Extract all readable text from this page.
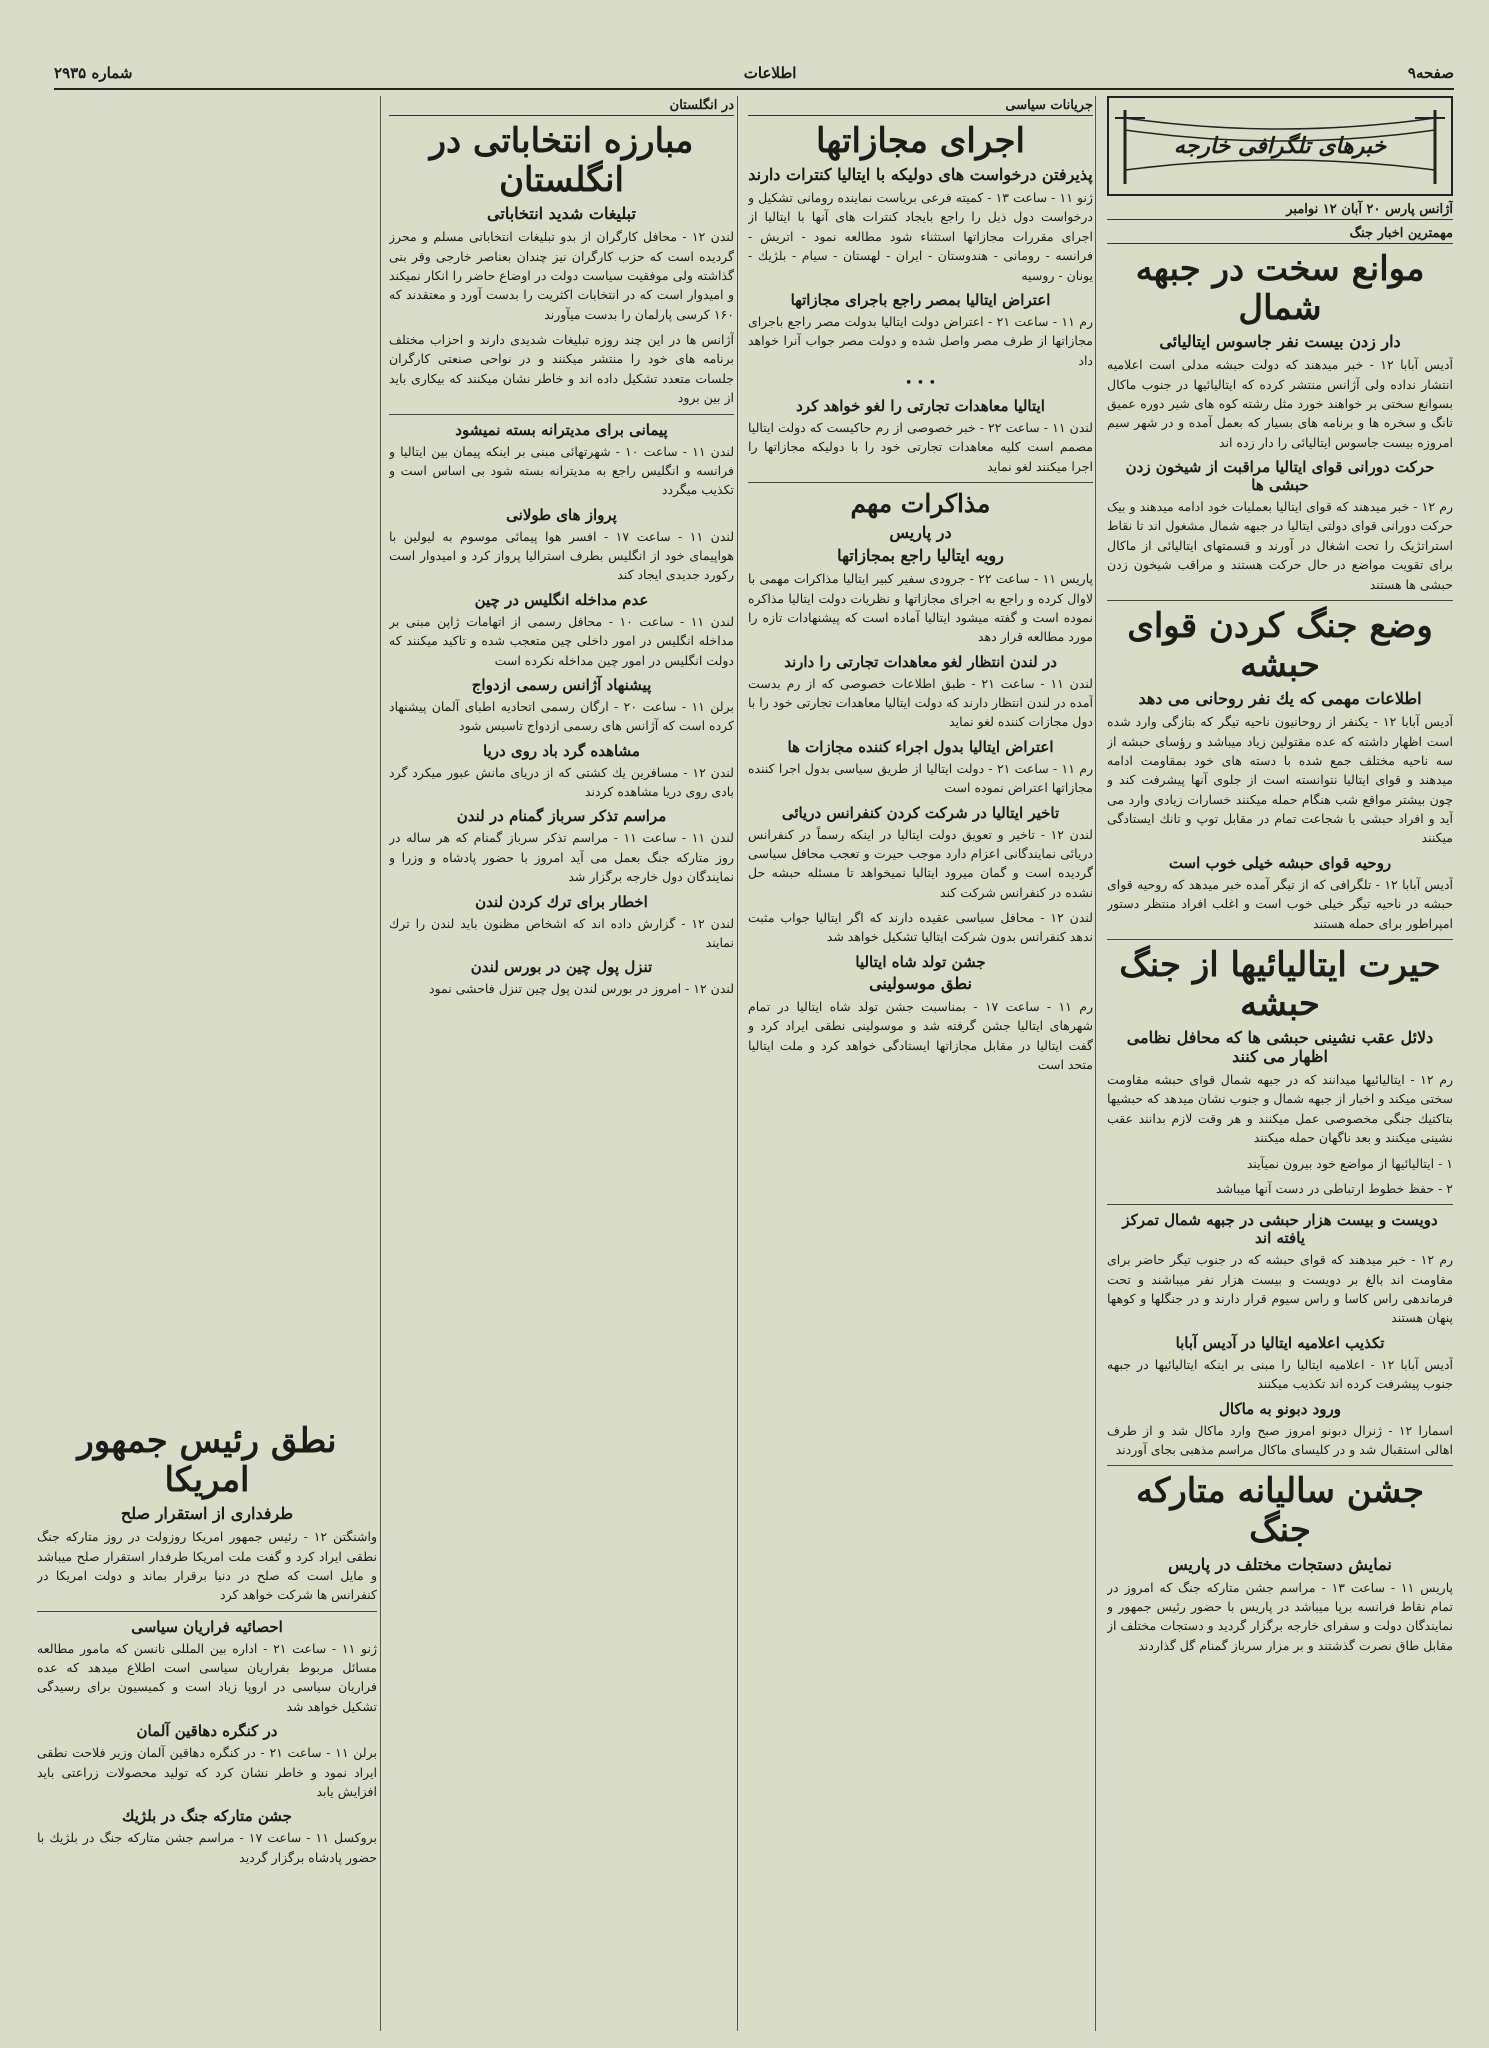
صفحه۹
اطلاعات
شماره ۲۹۳۵
خبرهای تلگرافی خارجه
آژانس پارس ۲۰ آبان ۱۲ نوامبر
مهمترین اخبار جنگ
موانع سخت در جبهه شمال
دار زدن بیست نفر جاسوس ایتالیائی

آدیس آبابا ۱۲ - خبر میدهند که دولت حبشه مدلی است اعلامیه انتشار نداده ولی آژانس منتشر کرده که ایتالیائیها در جنوب ماکال بسوانع سختی بر خواهند خورد مثل رشته کوه های شیر دوره عمیق تانگ و سخره ها و برنامه های بسیار که بعمل آمده و در شهر سیم امروزه بیست جاسوس ایتالیائی را دار زده اند

حرکت دورانی قوای ایتالیا مراقبت از شیخون زدن حبشی ها

رم ۱۲ - خبر میدهند که قوای ایتالیا بعملیات خود ادامه میدهند و بیک حرکت دورانی قوای دولتی ایتالیا در جبهه شمال مشغول اند تا نقاط استراتژیک را تحت اشغال در آورند و قسمتهای ایتالیائی از ماکال برای تقویت مواضع در حال حرکت هستند و مراقب شیخون زدن حبشی ها هستند

وضع جنگ کردن قوای حبشه
اطلاعات مهمی که یك نفر روحانی می دهد

آدیس آبابا ۱۲ - یکنفر از روحانیون ناحیه تیگر که بتازگی وارد شده است اظهار داشته که عده مقتولین زیاد میباشد و رؤسای حبشه از سه ناحیه مختلف جمع شده با دسته های خود بمقاومت ادامه میدهند و قوای ایتالیا نتوانسته است از جلوی آنها پیشرفت کند و چون بیشتر مواقع شب هنگام حمله میکنند خسارات زیادی وارد می آید و افراد حبشی با شجاعت تمام در مقابل توپ و تانك ایستادگی میکنند

روحیه قوای حبشه خیلی خوب است

آدیس آبابا ۱۲ - تلگرافی که از تیگر آمده خبر میدهد که روحیه قوای حبشه در ناحیه تیگر خیلی خوب است و اغلب افراد منتظر دستور امپراطور برای حمله هستند

حیرت ایتالیائیها از جنگ حبشه
دلائل عقب نشینی حبشی ها که محافل نظامی اظهار می کنند

رم ۱۲ - ایتالیائیها میدانند که در جبهه شمال قوای حبشه مقاومت سختی میکند و اخبار از جبهه شمال و جنوب نشان میدهد که حبشیها بتاکتیك جنگی مخصوصی عمل میکنند و هر وقت لازم بدانند عقب نشینی میکنند و بعد ناگهان حمله میکنند

۱ - ایتالیائیها از مواضع خود بیرون نمیآیند

۲ - حفظ خطوط ارتباطی در دست آنها میباشد

دویست و بیست هزار حبشی در جبهه شمال تمرکز یافته اند

رم ۱۲ - خبر میدهند که قوای حبشه که در جنوب تیگر حاضر برای مقاومت اند بالغ بر دویست و بیست هزار نفر میباشند و تحت فرماندهی راس کاسا و راس سیوم قرار دارند و در جنگلها و کوهها پنهان هستند

تکذیب اعلامیه ایتالیا در آدیس آبابا

آدیس آبابا ۱۲ - اعلامیه ایتالیا را مبنی بر اینکه ایتالیائیها در جبهه جنوب پیشرفت کرده اند تکذیب میکنند

ورود دبونو به ماکال

اسمارا ۱۲ - ژنرال دبونو امروز صبح وارد ماکال شد و از طرف اهالی استقبال شد و در کلیسای ماکال مراسم مذهبی بجای آوردند

جشن سالیانه متارکه جنگ
نمایش دستجات مختلف در پاریس

پاریس ۱۱ - ساعت ۱۳ - مراسم جشن متارکه جنگ که امروز در تمام نقاط فرانسه برپا میباشد در پاریس با حضور رئیس جمهور و نمایندگان دولت و سفرای خارجه برگزار گردید و دستجات مختلف از مقابل طاق نصرت گذشتند و بر مزار سرباز گمنام گل گذاردند

جریانات سیاسی
اجرای مجازاتها
پذیرفتن درخواست های دولیکه با ایتالیا کنترات دارند

ژنو ۱۱ - ساعت ۱۳ - کمیته فرعی بریاست نماینده رومانی تشکیل و درخواست دول ذیل را راجع بایجاد کنترات های آنها با ایتالیا از اجرای مقررات مجازاتها استثناء شود مطالعه نمود - اتریش - فرانسه - رومانی - هندوستان - ایران - لهستان - سیام - بلژیك - یونان - روسیه

اعتراض ایتالیا بمصر راجع باجرای مجازاتها

رم ۱۱ - ساعت ۲۱ - اعتراض دولت ایتالیا بدولت مصر راجع باجرای مجازاتها از طرف مصر واصل شده و دولت مصر جواب آنرا خواهد داد

• • •
ایتالیا معاهدات تجارتی را لغو خواهد کرد

لندن ۱۱ - ساعت ۲۲ - خبر خصوصی از رم حاکیست که دولت ایتالیا مصمم است کلیه معاهدات تجارتی خود را با دولیکه مجازاتها را اجرا میکنند لغو نماید

مذاکرات مهم
در پاریس
رویه ایتالیا راجع بمجازاتها

پاریس ۱۱ - ساعت ۲۲ - جرودی سفیر کبیر ایتالیا مذاکرات مهمی با لاوال کرده و راجع به اجرای مجازاتها و نظریات دولت ایتالیا مذاکره نموده است و گفته میشود ایتالیا آماده است که پیشنهادات تازه را مورد مطالعه قرار دهد

در لندن انتظار لغو معاهدات تجارتی را دارند

لندن ۱۱ - ساعت ۲۱ - طبق اطلاعات خصوصی که از رم بدست آمده در لندن انتظار دارند که دولت ایتالیا معاهدات تجارتی خود را با دول مجازات کننده لغو نماید

اعتراض ایتالیا بدول اجراء کننده مجازات ها

رم ۱۱ - ساعت ۲۱ - دولت ایتالیا از طریق سیاسی بدول اجرا کننده مجازاتها اعتراض نموده است

تاخیر ایتالیا در شرکت کردن کنفرانس دریائی

لندن ۱۲ - تاخیر و تعویق دولت ایتالیا در اینکه رسماً در کنفرانس دریائی نمایندگانی اعزام دارد موجب حیرت و تعجب محافل سیاسی گردیده است و گمان میرود ایتالیا نمیخواهد تا مسئله حبشه حل نشده در کنفرانس شرکت کند

لندن ۱۲ - محافل سیاسی عقیده دارند که اگر ایتالیا جواب مثبت ندهد کنفرانس بدون شرکت ایتالیا تشکیل خواهد شد

جشن تولد شاه ایتالیا
نطق موسولینی

رم ۱۱ - ساعت ۱۷ - بمناسبت جشن تولد شاه ایتالیا در تمام شهرهای ایتالیا جشن گرفته شد و موسولینی نطقی ایراد کرد و گفت ایتالیا در مقابل مجازاتها ایستادگی خواهد کرد و ملت ایتالیا متحد است

در انگلستان
مبارزه انتخاباتی در انگلستان
تبلیغات شدید انتخاباتی

لندن ۱۲ - محافل کارگران از بدو تبلیغات انتخاباتی مسلم و محرز گردیده است که حزب کارگران نیز چندان بعناصر خارجی وقر بنی گذاشته ولی موفقیت سیاست دولت در اوضاع حاضر را انکار نمیکند و امیدوار است که در انتخابات اکثریت را بدست آورد و معتقدند که ۱۶۰ کرسی پارلمان را بدست میآورند

آژانس ها در این چند روزه تبلیغات شدیدی دارند و احزاب مختلف برنامه های خود را منتشر میکنند و در نواحی صنعتی کارگران جلسات متعدد تشکیل داده اند و خاطر نشان میکنند که بیکاری باید از بین برود

پیمانی برای مدیترانه بسته نمیشود

لندن ۱۱ - ساعت ۱۰ - شهرتهائی مبنی بر اینکه پیمان بین ایتالیا و فرانسه و انگلیس راجع به مدیترانه بسته شود بی اساس است و تکذیب میگردد

پرواز های طولانی

لندن ۱۱ - ساعت ۱۷ - افسر هوا پیمائی موسوم به لیولین با هواپیمای خود از انگلیس بطرف استرالیا پرواز کرد و امیدوار است رکورد جدیدی ایجاد کند

عدم مداخله انگلیس در چین

لندن ۱۱ - ساعت ۱۰ - محافل رسمی از اتهامات ژاپن مبنی بر مداخله انگلیس در امور داخلی چین متعجب شده و تاکید میکنند که دولت انگلیس در امور چین مداخله نکرده است

پیشنهاد آژانس رسمی ازدواج

برلن ۱۱ - ساعت ۲۰ - ارگان رسمی اتحادیه اطبای آلمان پیشنهاد کرده است که آژانس های رسمی ازدواج تاسیس شود

مشاهده گرد باد روی دریا

لندن ۱۲ - مسافرین یك کشتی که از دریای مانش عبور میکرد گرد بادی روی دریا مشاهده کردند

مراسم تذکر سرباز گمنام در لندن

لندن ۱۱ - ساعت ۱۱ - مراسم تذکر سرباز گمنام که هر ساله در روز متارکه جنگ بعمل می آید امروز با حضور پادشاه و وزرا و نمایندگان دول خارجه برگزار شد

اخطار برای ترك کردن لندن

لندن ۱۲ - گزارش داده اند که اشخاص مظنون باید لندن را ترك نمایند

تنزل پول چین در بورس لندن

لندن ۱۲ - امروز در بورس لندن پول چین تنزل فاحشی نمود

نطق رئیس جمهور امریکا
طرفداری از استقرار صلح

واشنگتن ۱۲ - رئیس جمهور امریکا روزولت در روز متارکه جنگ نطقی ایراد کرد و گفت ملت امریکا طرفدار استقرار صلح میباشد و مایل است که صلح در دنیا برقرار بماند و دولت امریکا در کنفرانس ها شرکت خواهد کرد

احصائیه فراریان سیاسی

ژنو ۱۱ - ساعت ۲۱ - اداره بین المللی نانسن که مامور مطالعه مسائل مربوط بفراریان سیاسی است اطلاع میدهد که عده فراریان سیاسی در اروپا زیاد است و کمیسیون برای رسیدگی تشکیل خواهد شد

در کنگره دهاقین آلمان

برلن ۱۱ - ساعت ۲۱ - در کنگره دهاقین آلمان وزیر فلاحت نطقی ایراد نمود و خاطر نشان کرد که تولید محصولات زراعتی باید افزایش یابد

جشن متارکه جنگ در بلژیك

بروکسل ۱۱ - ساعت ۱۷ - مراسم جشن متارکه جنگ در بلژیك با حضور پادشاه برگزار گردید
